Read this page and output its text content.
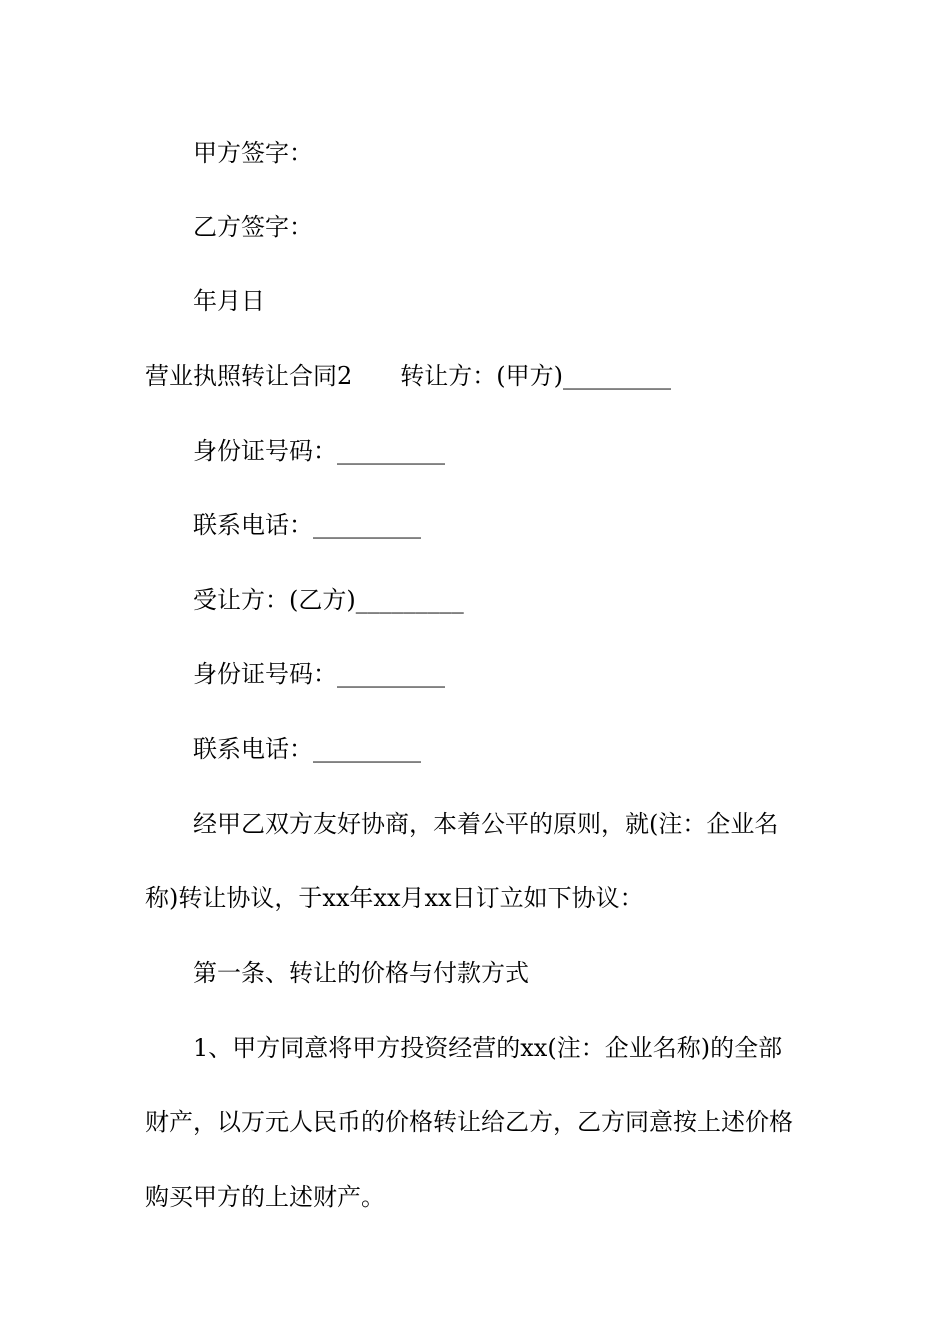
甲方签字：
乙方签字：
年月日
营业执照转让合同2 转让方：(甲方)_________
身份证号码：_________
联系电话：_________
受让方：(乙方)_________
身份证号码：_________
联系电话：_________
经甲乙双方友好协商，本着公平的原则，就(注：企业名
称)转让协议，于xx年xx月xx日订立如下协议：
第一条、转让的价格与付款方式
1、甲方同意将甲方投资经营的xx(注：企业名称)的全部
财产，以万元人民币的价格转让给乙方，乙方同意按上述价格
购买甲方的上述财产。
